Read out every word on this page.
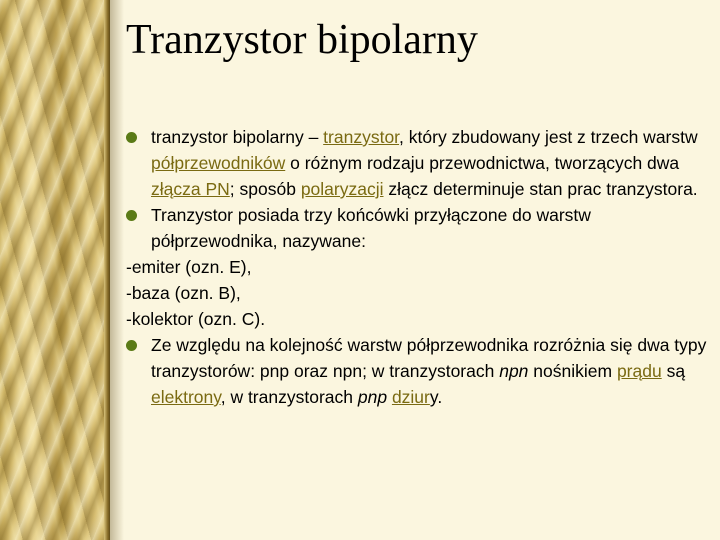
Tranzystor bipolarny
tranzystor bipolarny – tranzystor, który zbudowany jest z trzech warstw półprzewodników o różnym rodzaju przewodnictwa, tworzących dwa złącza PN; sposób polaryzacji złącz determinuje stan prac tranzystora.
Tranzystor posiada trzy końcówki przyłączone do warstw półprzewodnika, nazywane:
-emiter (ozn. E),
-baza (ozn. B),
-kolektor (ozn. C).
Ze względu na kolejność warstw półprzewodnika rozróżnia się dwa typy tranzystorów: pnp oraz npn; w tranzystorach npn nośnikiem prądu są elektrony, w tranzystorach pnp dziury.
